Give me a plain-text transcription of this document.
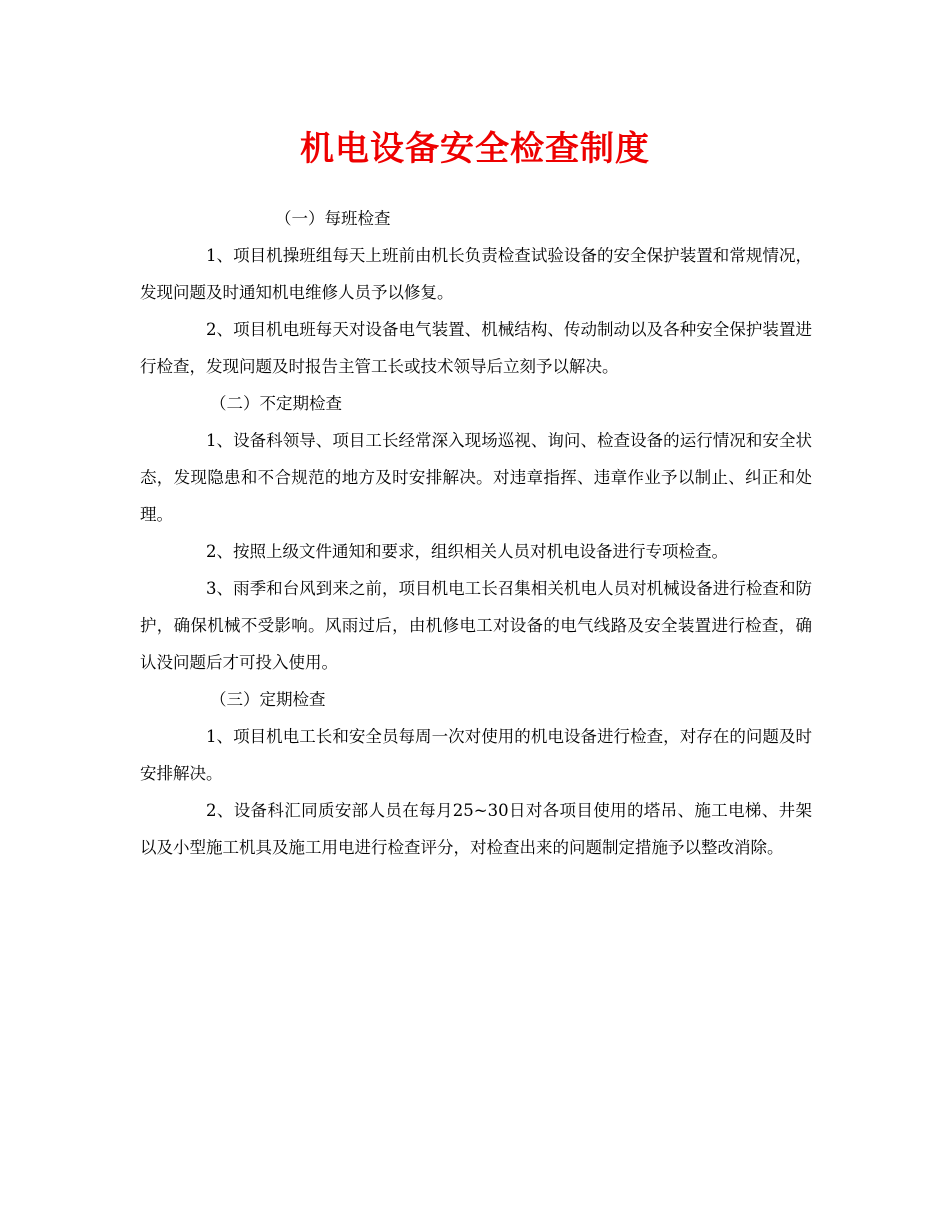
机电设备安全检查制度
（一）每班检查
1、项目机操班组每天上班前由机长负责检查试验设备的安全保护装置和常规情况，发现问题及时通知机电维修人员予以修复。
2、项目机电班每天对设备电气装置、机械结构、传动制动以及各种安全保护装置进行检查，发现问题及时报告主管工长或技术领导后立刻予以解决。
（二）不定期检查
1、设备科领导、项目工长经常深入现场巡视、询问、检查设备的运行情况和安全状态，发现隐患和不合规范的地方及时安排解决。对违章指挥、违章作业予以制止、纠正和处理。
2、按照上级文件通知和要求，组织相关人员对机电设备进行专项检查。
3、雨季和台风到来之前，项目机电工长召集相关机电人员对机械设备进行检查和防护，确保机械不受影响。风雨过后，由机修电工对设备的电气线路及安全装置进行检查，确认没问题后才可投入使用。
（三）定期检查
1、项目机电工长和安全员每周一次对使用的机电设备进行检查，对存在的问题及时安排解决。
2、设备科汇同质安部人员在每月25~30日对各项目使用的塔吊、施工电梯、井架以及小型施工机具及施工用电进行检查评分，对检查出来的问题制定措施予以整改消除。
